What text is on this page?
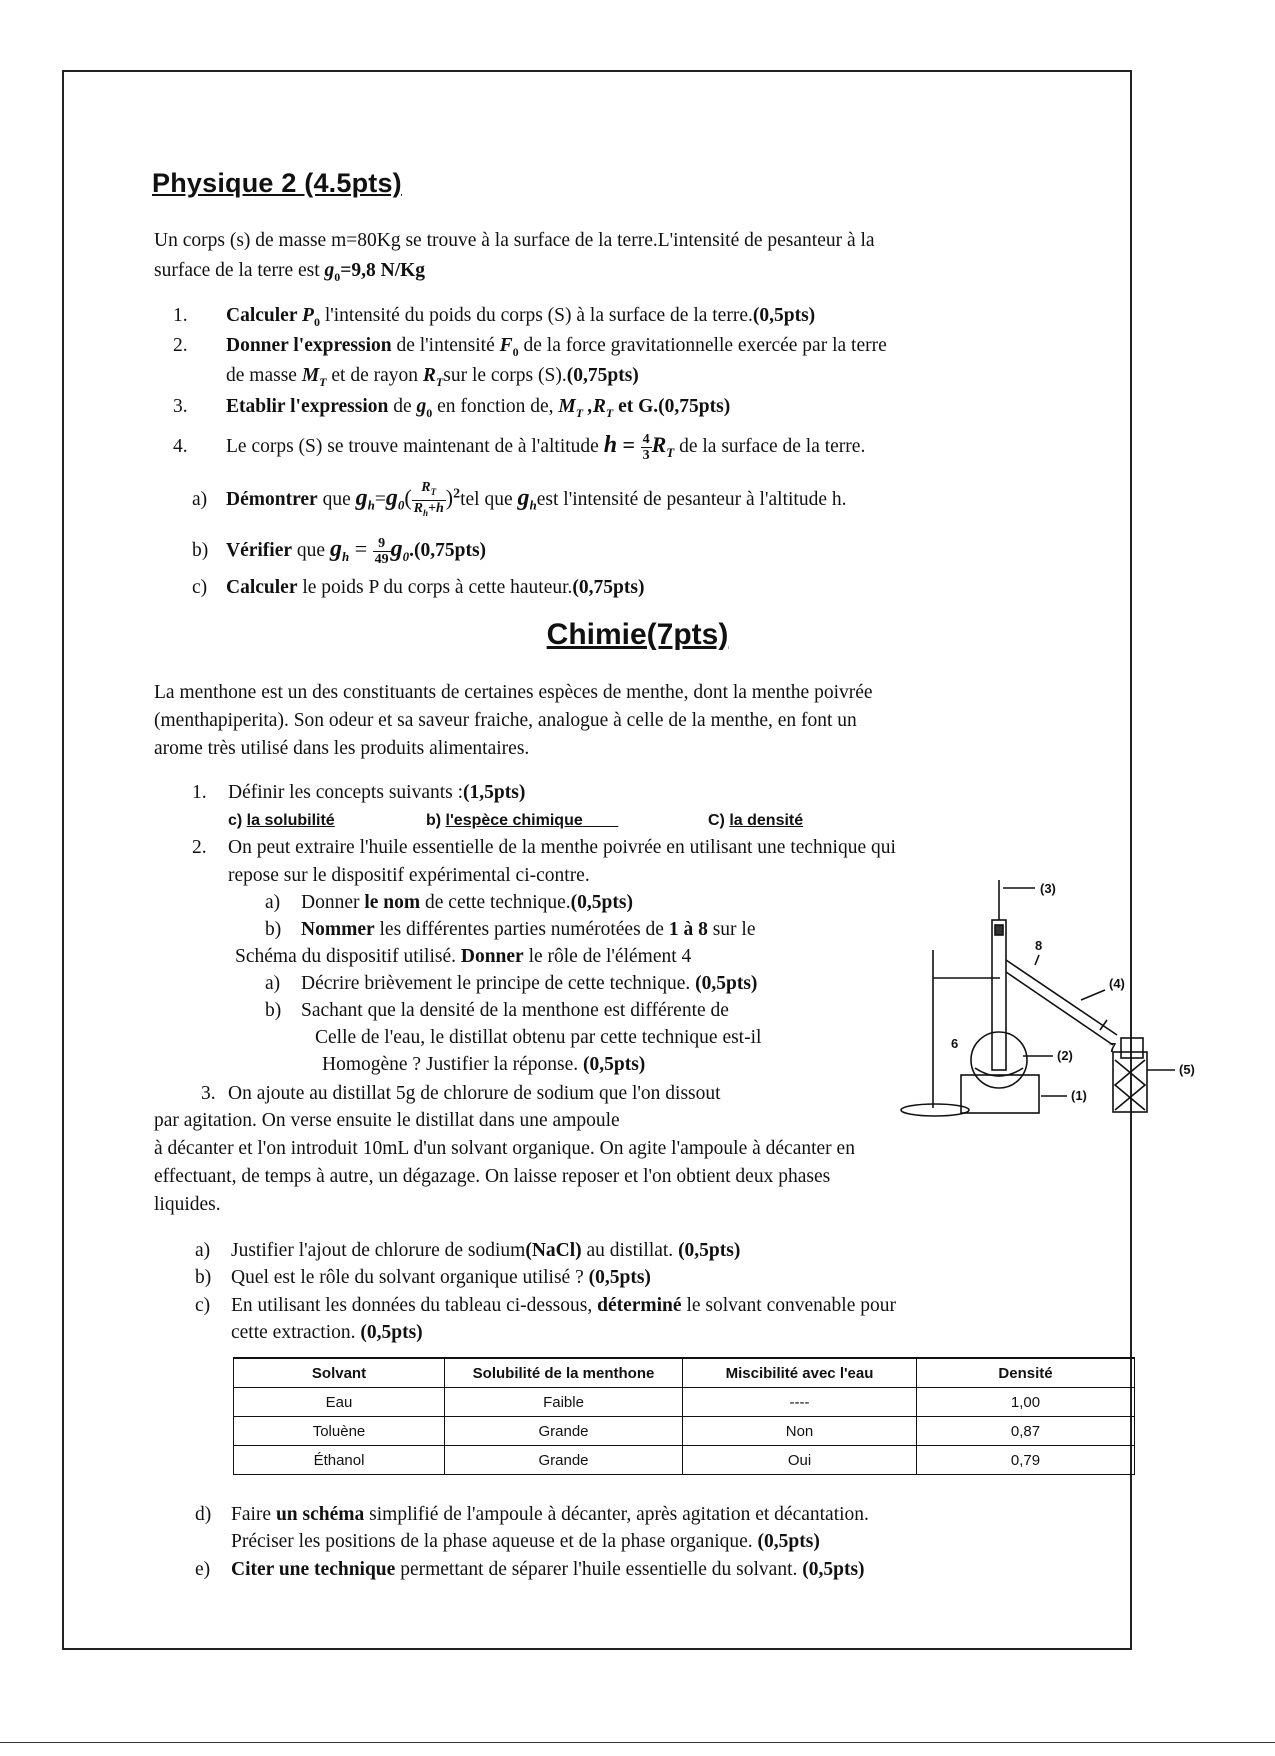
Physique 2 (4.5pts)
Un corps (s) de masse m=80Kg se trouve à la surface de la terre.L'intensité de pesanteur à la
surface de la terre est $g_0=9,8$ N/Kg
1. Calculer $P_0$ l'intensité du poids du corps (S) à la surface de la terre.(0,5pts)
2. Donner l'expression de l'intensité $F_0$ de la force gravitationnelle exercée par la terre
de masse $M_T$ et de rayon $R_Tsur$ le corps (S).(0,75pts)
3. Etablir l'expression de $g_0$ en fonction de, $M_T$ $,R_T$ et G.(0,75pts)
4. Le corps (S) se trouve maintenant de à l'altitude $h = \frac{4}{3} R_T$ de la surface de la terre.
a) Démontrer que $g_h=g_0( \frac{R_T}{R_h+h} )^2tel$ que $g_hest$ l'intensité de pesanteur à l'altitude h.
b) Vérifier que $g_h = \frac{9}{49} g_0.(0,75pts)$
c) Calculer le poids P du corps à cette hauteur.(0,75pts)
Chimie(7pts)
La menthone est un des constituants de certaines espèces de menthe, dont la menthe poivrée
(menthapiperita). Son odeur et sa saveur fraiche, analogue à celle de la menthe, en font un
arome très utilisé dans les produits alimentaires.
1. Définir les concepts suivants :(1,5pts)
c) la solubilité	b) l'espèce chimique	C) la densité
2. On peut extraire l'huile essentielle de la menthe poivrée en utilisant une technique qui
repose sur le dispositif expérimental ci-contre.
a) Donner le nom de cette technique.(0,5pts)
b) Nommer les différentes parties numérotées de 1 à 8 sur le
Schéma du dispositif utilisé. Donner le rôle de l'élément 4
a) Décrire brièvement le principe de cette technique. (0,5pts)
b) Sachant que la densité de la menthone est différente de
Celle de l'eau, le distillat obtenu par cette technique est-il
Homogène ? Justifier la réponse. (0,5pts)
3. On ajoute au distillat 5g de chlorure de sodium que l'on dissout
par agitation. On verse ensuite le distillat dans une ampoule
à décanter et l'on introduit 10mL d'un solvant organique. On agite l'ampoule à décanter en
effectuant, de temps à autre, un dégazage. On laisse reposer et l'on obtient deux phases
liquides.
a) Justifier l'ajout de chlorure de sodium(NaCl) au distillat. (0,5pts)
b) Quel est le rôle du solvant organique utilisé ? (0,5pts)
c) En utilisant les données du tableau ci-dessous, déterminé le solvant convenable pour
cette extraction. (0,5pts)
Solvant	Solubilité de la menthone	Miscibilité avec l'eau	Densité
Eau	Faible	----	1,00
Toluène	Grande	Non	0,87
Éthanol	Grande	Oui	0,79
d) Faire un schéma simplifié de l'ampoule à décanter, après agitation et décantation.
Préciser les positions de la phase aqueuse et de la phase organique. (0,5pts)
e) Citer une technique permettant de séparer l'huile essentielle du solvant. (0,5pts)
(3)
8
(4)
(2)
6	7
(5)
(1)
